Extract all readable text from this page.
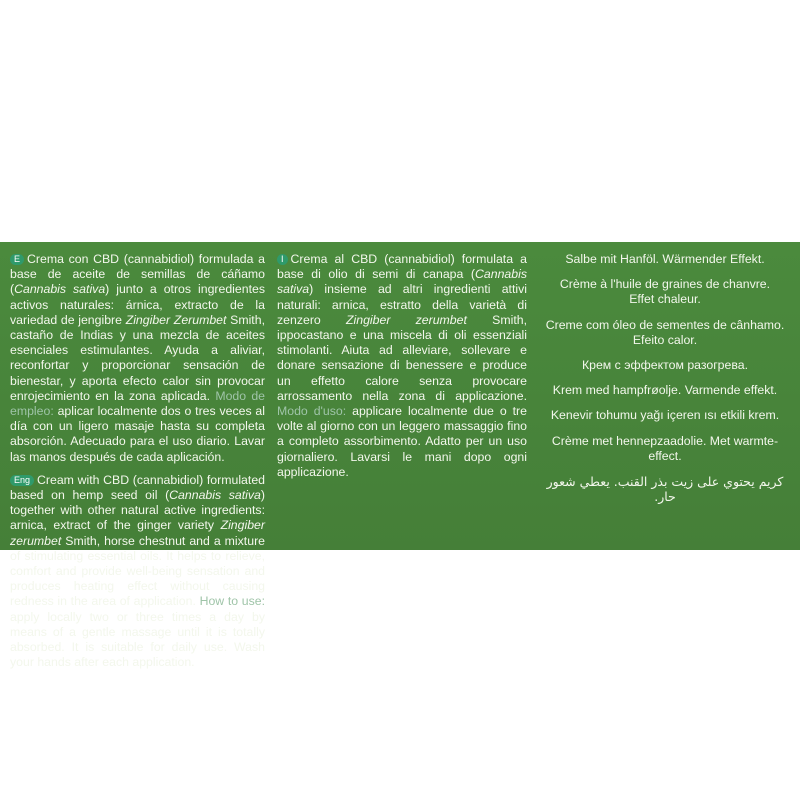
E Crema con CBD (cannabidiol) formulada a base de aceite de semillas de cáñamo (Cannabis sativa) junto a otros ingredientes activos naturales: árnica, extracto de la variedad de jengibre Zingiber Zerumbet Smith, castaño de Indias y una mezcla de aceites esenciales estimulantes. Ayuda a aliviar, reconfortar y proporcionar sensación de bienestar, y aporta efecto calor sin provocar enrojecimiento en la zona aplicada. Modo de empleo: aplicar localmente dos o tres veces al día con un ligero masaje hasta su completa absorción. Adecuado para el uso diario. Lavar las manos después de cada aplicación.

Eng Cream with CBD (cannabidiol) formulated based on hemp seed oil (Cannabis sativa) together with other natural active ingredients: arnica, extract of the ginger variety Zingiber zerumbet Smith, horse chestnut and a mixture of stimulating essential oils. It helps to relieve, comfort and provide well-being sensation and produces heating effect without causing redness in the area of application. How to use: apply locally two or three times a day by means of a gentle massage until it is totally absorbed. It is suitable for daily use. Wash your hands after each application.

I Crema al CBD (cannabidiol) formulata a base di olio di semi di canapa (Cannabis sativa) insieme ad altri ingredienti attivi naturali: arnica, estratto della varietà di zenzero Zingiber zerumbet Smith, ippocastano e una miscela di oli essenziali stimolanti. Aiuta ad alleviare, sollevare e donare sensazione di benessere e produce un effetto calore senza provocare arrossamento nella zona di applicazione. Modo d'uso: applicare localmente due o tre volte al giorno con un leggero massaggio fino a completo assorbimento. Adatto per un uso giornaliero. Lavarsi le mani dopo ogni applicazione.

Salbe mit Hanföl. Wärmender Effekt.

Crème à l'huile de graines de chanvre.
Effet chaleur.

Creme com óleo de sementes de cânhamo.
Efeito calor.

Крем с эффектом разогрева.

Krem med hampfrøolje. Varmende effekt.

Kenevir tohumu yağı içeren ısı etkili krem.

Crème met hennepzaadolie. Met warmte-effect.

كريم يحتوي على زيت بذر القنب. يعطي شعور حار.
